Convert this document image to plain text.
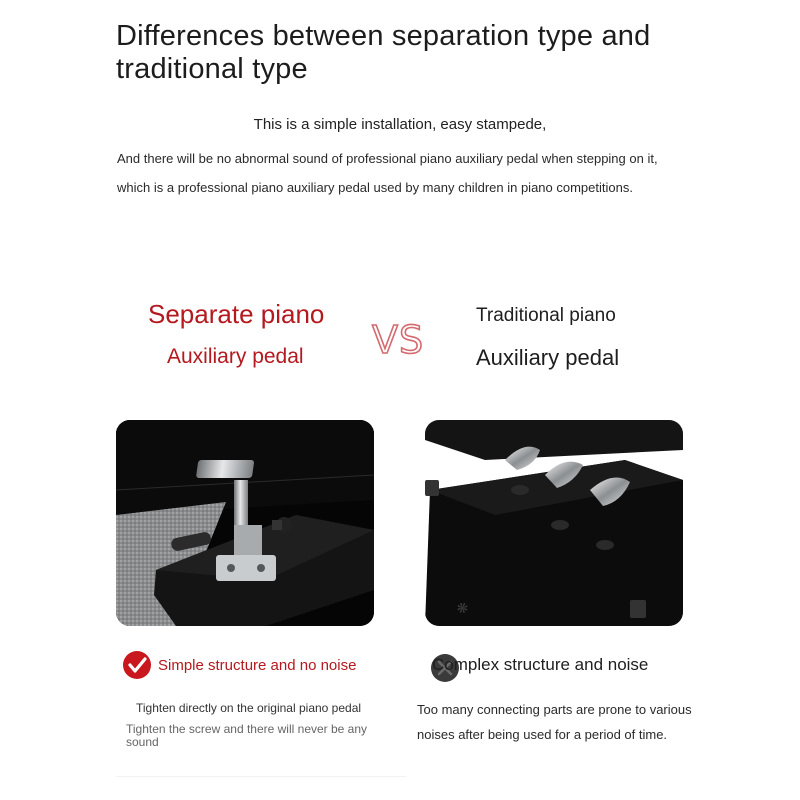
Differences between separation type and traditional type
This is a simple installation, easy stampede,
And there will be no abnormal sound of professional piano auxiliary pedal when stepping on it,
which is a professional piano auxiliary pedal used by many children in piano competitions.
Separate piano
Auxiliary pedal VS
Traditional piano
Auxiliary pedal
❋
Simple structure and no noise
Tighten directly on the original piano pedal
Tighten the screw and there will never be any sound
Complex structure and noise
Too many connecting parts are prone to various
noises after being used for a period of time.
